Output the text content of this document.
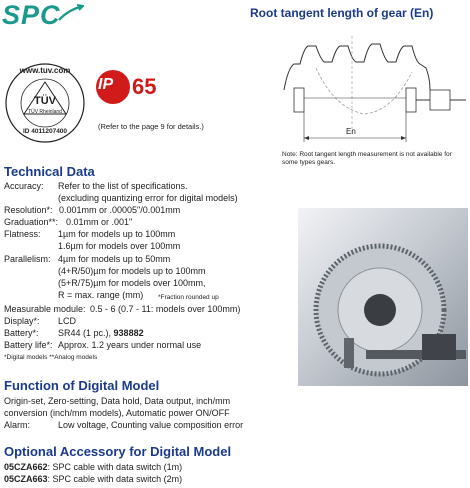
SPC	Root tangent length of gear (En)
www.tuv.com
TÜV
TÜV Rheinland
ID 4011207400
IP 65
(Refer to the page 9 for details.)
En
Note: Root tangent length measurement is not available for some types gears.
Technical Data
Accuracy: Refer to the list of specifications.
(excluding quantizing error for digital models)
Resolution*: 0.001mm or .00005"/0.001mm
Graduation**: 0.01mm or .001"
Flatness: 1µm for models up to 100mm
1.6µm for models over 100mm
Parallelism: 4µm for models up to 50mm
(4+R/50)µm for models up to 100mm
(5+R/75)µm for models over 100mm,
R = max. range (mm) *Fraction rounded up
Measurable module: 0.5 - 6 (0.7 - 11: models over 100mm)
Display*: LCD
Battery*: SR44 (1 pc.), 938882
Battery life*: Approx. 1.2 years under normal use
*Digital models **Analog models
Function of Digital Model
Origin-set, Zero-setting, Data hold, Data output, inch/mm
conversion (inch/mm models), Automatic power ON/OFF
Alarm:	Low voltage, Counting value composition error
Optional Accessory for Digital Model
05CZA662: SPC cable with data switch (1m)
05CZA663: SPC cable with data switch (2m)
